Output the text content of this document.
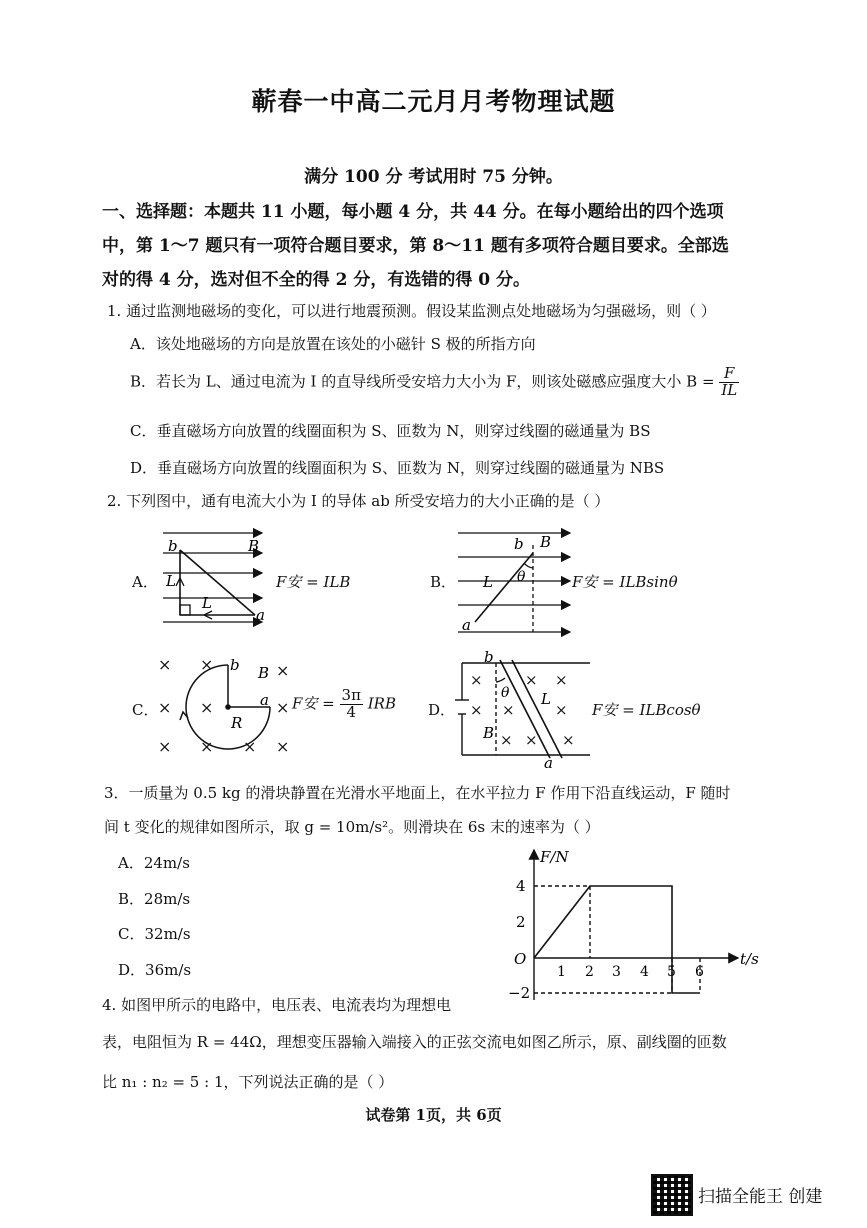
蕲春一中高二元月月考物理试题
满分 100 分 考试用时 75 分钟。
一、选择题：本题共 11 小题，每小题 4 分，共 44 分。在每小题给出的四个选项
中，第 1～7 题只有一项符合题目要求，第 8～11 题有多项符合题目要求。全部选
对的得 4 分，选对但不全的得 2 分，有选错的得 0 分。
1. 通过监测地磁场的变化，可以进行地震预测。假设某监测点处地磁场为匀强磁场，则（ ）
A．该处地磁场的方向是放置在该处的小磁针 S 极的所指方向
B．若长为 L、通过电流为 I 的直导线所受安培力大小为 F，则该处磁感应强度大小 $B = \frac{F}{IL}$
C．垂直磁场方向放置的线圈面积为 S、匝数为 N，则穿过线圈的磁通量为 BS
D．垂直磁场方向放置的线圈面积为 S、匝数为 N，则穿过线圈的磁通量为 NBS
2. 下列图中，通有电流大小为 I 的导体 ab 所受安培力的大小正确的是（ ）
b	B
L
L
a
b B
L θ
a
× ×	×
× ×	×
× × × ×
b B
a
R
×	× ×
× ×	×
× × ×
b
θ L
B
a
A．	F安 = ILB	B．	F安 = ILBsinθ
C．	F安 = $\frac{3\pi}{4}$ IRB D．	F安 = ILBcosθ
3．一质量为 0.5 kg 的滑块静置在光滑水平地面上，在水平拉力 F 作用下沿直线运动，F 随时
间 t 变化的规律如图所示，取 g = 10m/s²。则滑块在 6s 末的速率为（ ）
A．24m/s
B．28m/s
C．32m/s
D．36m/s
F/N
t/s
O
4
2
−2
1 2 3 4 5 6
4. 如图甲所示的电路中，电压表、电流表均为理想电
表，电阻恒为 R = 44Ω，理想变压器输入端接入的正弦交流电如图乙所示，原、副线圈的匝数
比 n₁ : n₂ = 5 : 1，下列说法正确的是（ ）
试卷第 1页，共 6页
扫描全能王 创建
